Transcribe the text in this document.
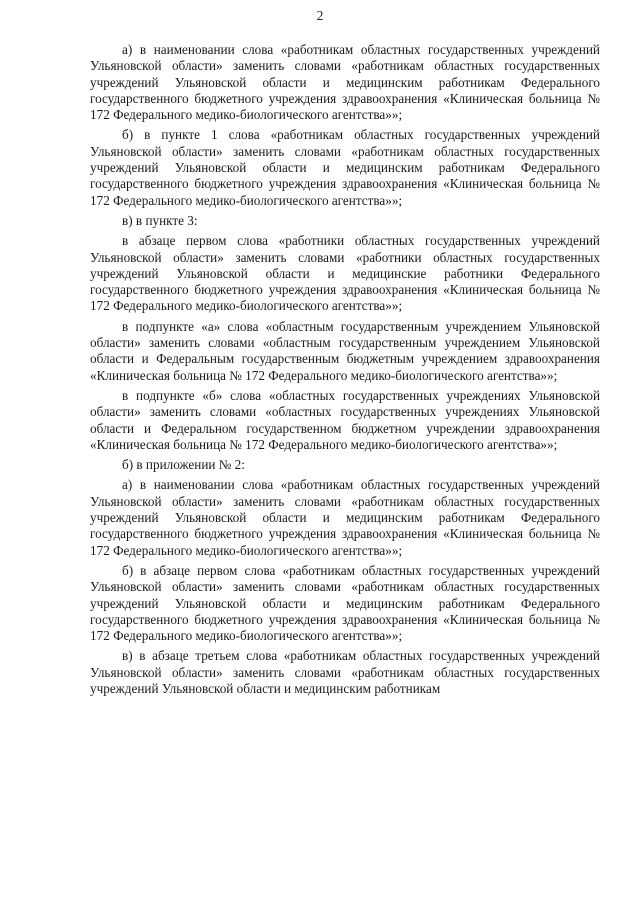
2

а) в наименовании слова «работникам областных государственных учреждений Ульяновской области» заменить словами «работникам областных государственных учреждений Ульяновской области и медицинским работникам Федерального государственного бюджетного учреждения здравоохранения «Клиническая больница № 172 Федерального медико-биологического агентства»»;

б) в пункте 1 слова «работникам областных государственных учреждений Ульяновской области» заменить словами «работникам областных государственных учреждений Ульяновской области и медицинским работникам Федерального государственного бюджетного учреждения здравоохранения «Клиническая больница № 172 Федерального медико-биологического агентства»»;

в) в пункте 3:

в абзаце первом слова «работники областных государственных учреждений Ульяновской области» заменить словами «работники областных государственных учреждений Ульяновской области и медицинские работники Федерального государственного бюджетного учреждения здравоохранения «Клиническая больница № 172 Федерального медико-биологического агентства»»;

в подпункте «а» слова «областным государственным учреждением Ульяновской области» заменить словами «областным государственным учреждением Ульяновской области и Федеральным государственным бюджетным учреждением здравоохранения «Клиническая больница № 172 Федерального медико-биологического агентства»»;

в подпункте «б» слова «областных государственных учреждениях Ульяновской области» заменить словами «областных государственных учреждениях Ульяновской области и Федеральном государственном бюджетном учреждении здравоохранения «Клиническая больница № 172 Федерального медико-биологического агентства»»;

б) в приложении № 2:

а) в наименовании слова «работникам областных государственных учреждений Ульяновской области» заменить словами «работникам областных государственных учреждений Ульяновской области и медицинским работникам Федерального государственного бюджетного учреждения здравоохранения «Клиническая больница № 172 Федерального медико-биологического агентства»»;

б) в абзаце первом слова «работникам областных государственных учреждений Ульяновской области» заменить словами «работникам областных государственных учреждений Ульяновской области и медицинским работникам Федерального государственного бюджетного учреждения здравоохранения «Клиническая больница № 172 Федерального медико-биологического агентства»»;

в) в абзаце третьем слова «работникам областных государственных учреждений Ульяновской области» заменить словами «работникам областных государственных учреждений Ульяновской области и медицинским работникам
